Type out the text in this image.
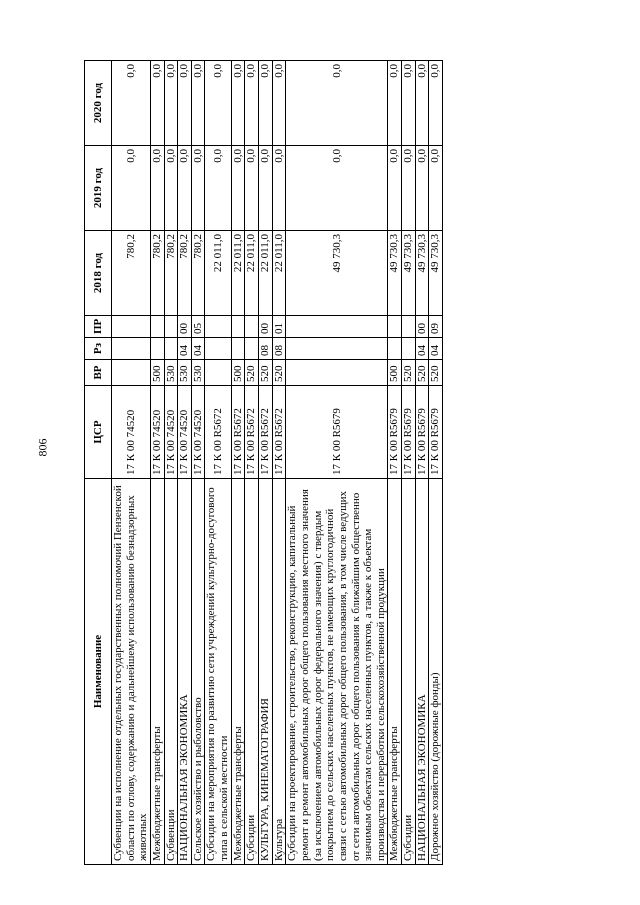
806
Наименование	ЦСР	ВР	Рз	ПР	2018 год	2019 год	2020 год
Субвенции на исполнение отдельных государственных полномочий Пензенской области по отлову, содержанию и дальнейшему использованию безнадзорных животных	17 К 00 74520				780,2	0,0	0,0
Межбюджетные трансферты	17 К 00 74520	500			780,2	0,0	0,0
Субвенции	17 К 00 74520	530			780,2	0,0	0,0
НАЦИОНАЛЬНАЯ ЭКОНОМИКА	17 К 00 74520	530	04	00	780,2	0,0	0,0
Сельское хозяйство и рыболовство	17 К 00 74520	530	04	05	780,2	0,0	0,0
Субсидии на мероприятия по развитию сети учреждений культурно-досугового типа в сельской местности	17 К 00 R5672				22 011,0	0,0	0,0
Межбюджетные трансферты	17 К 00 R5672	500			22 011,0	0,0	0,0
Субсидии	17 К 00 R5672	520			22 011,0	0,0	0,0
КУЛЬТУРА, КИНЕМАТОГРАФИЯ	17 К 00 R5672	520	08	00	22 011,0	0,0	0,0
Культура	17 К 00 R5672	520	08	01	22 011,0	0,0	0,0
Субсидии на проектирование, строительство, реконструкцию, капитальный ремонт и ремонт автомобильных дорог общего пользования местного значения (за исключением автомобильных дорог федерального значения) с твердым покрытием до сельских населенных пунктов, не имеющих круглогодичной связи с сетью автомобильных дорог общего пользования, в том числе ведущих от сети автомобильных дорог общего пользования к ближайшим общественно значимым объектам сельских населенных пунктов, а также к объектам производства и переработки сельскохозяйственной продукции	17 К 00 R5679				49 730,3	0,0	0,0
Межбюджетные трансферты	17 К 00 R5679	500			49 730,3	0,0	0,0
Субсидии	17 К 00 R5679	520			49 730,3	0,0	0,0
НАЦИОНАЛЬНАЯ ЭКОНОМИКА	17 К 00 R5679	520	04	00	49 730,3	0,0	0,0
Дорожное хозяйство (дорожные фонды)	17 К 00 R5679	520	04	09	49 730,3	0,0	0,0
